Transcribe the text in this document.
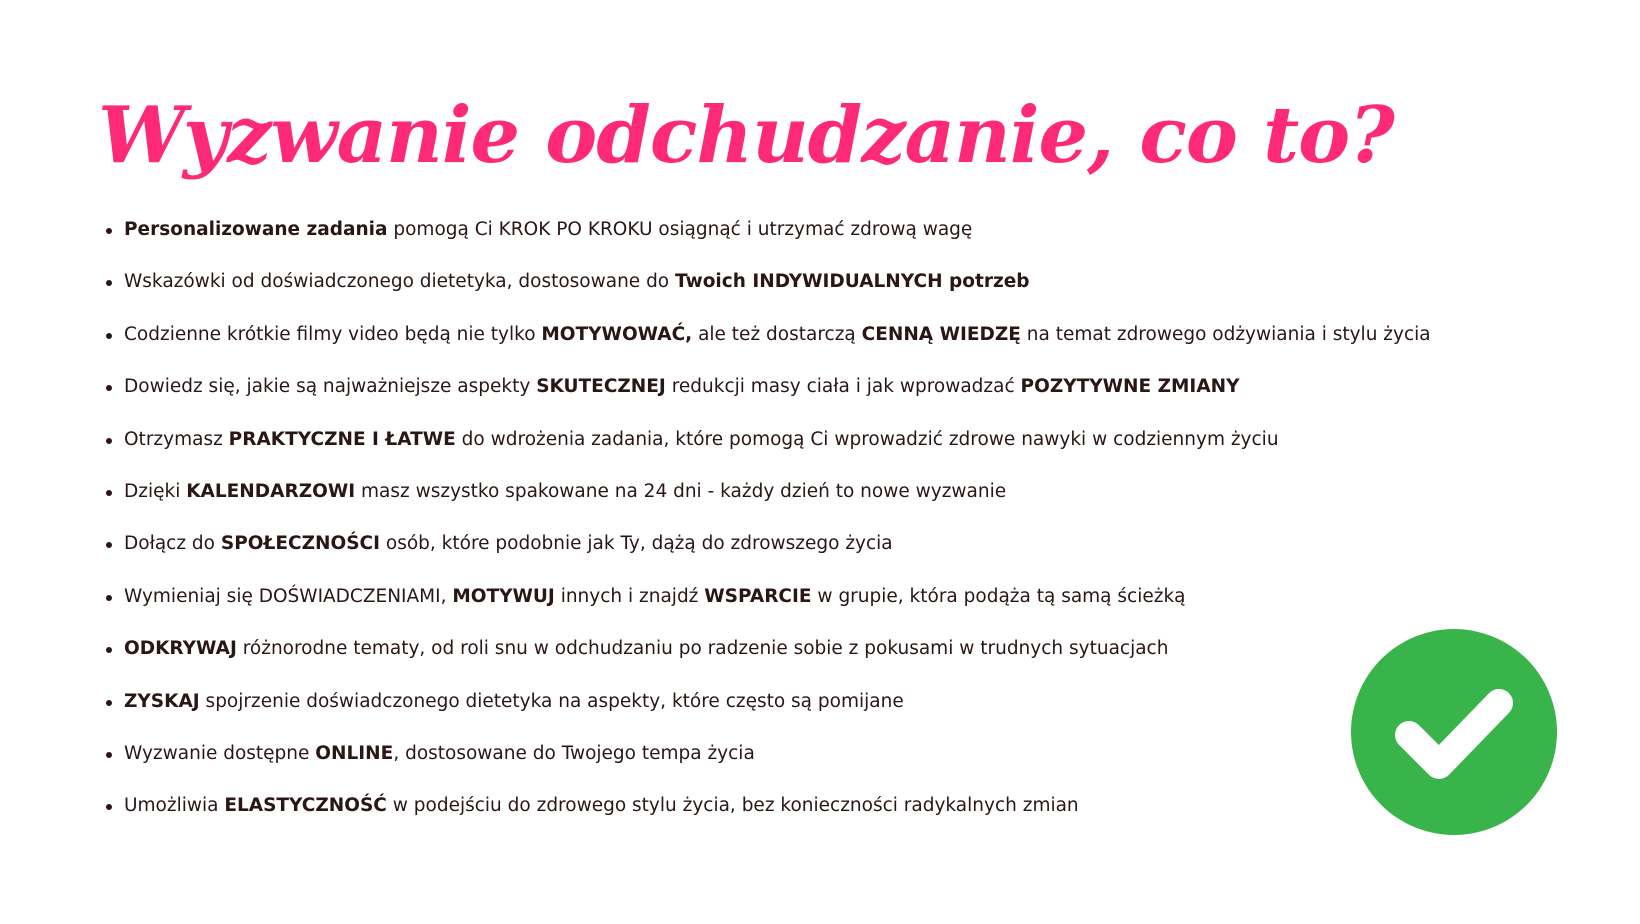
Wyzwanie odchudzanie, co to?
Personalizowane zadania pomogą Ci KROK PO KROKU osiągnąć i utrzymać zdrową wagę
Wskazówki od doświadczonego dietetyka, dostosowane do Twoich INDYWIDUALNYCH potrzeb
Codzienne krótkie filmy video będą nie tylko MOTYWOWAĆ, ale też dostarczą CENNĄ WIEDZĘ na temat zdrowego odżywiania i stylu życia
Dowiedz się, jakie są najważniejsze aspekty SKUTECZNEJ redukcji masy ciała i jak wprowadzać POZYTYWNE ZMIANY
Otrzymasz PRAKTYCZNE I ŁATWE do wdrożenia zadania, które pomogą Ci wprowadzić zdrowe nawyki w codziennym życiu
Dzięki KALENDARZOWI masz wszystko spakowane na 24 dni - każdy dzień to nowe wyzwanie
Dołącz do SPOŁECZNOŚCI osób, które podobnie jak Ty, dążą do zdrowszego życia
Wymieniaj się DOŚWIADCZENIAMI, MOTYWUJ innych i znajdź WSPARCIE w grupie, która podąża tą samą ścieżką
ODKRYWAJ różnorodne tematy, od roli snu w odchudzaniu po radzenie sobie z pokusami w trudnych sytuacjach
ZYSKAJ spojrzenie doświadczonego dietetyka na aspekty, które często są pomijane
Wyzwanie dostępne ONLINE, dostosowane do Twojego tempa życia
Umożliwia ELASTYCZNOŚĆ w podejściu do zdrowego stylu życia, bez konieczności radykalnych zmian
